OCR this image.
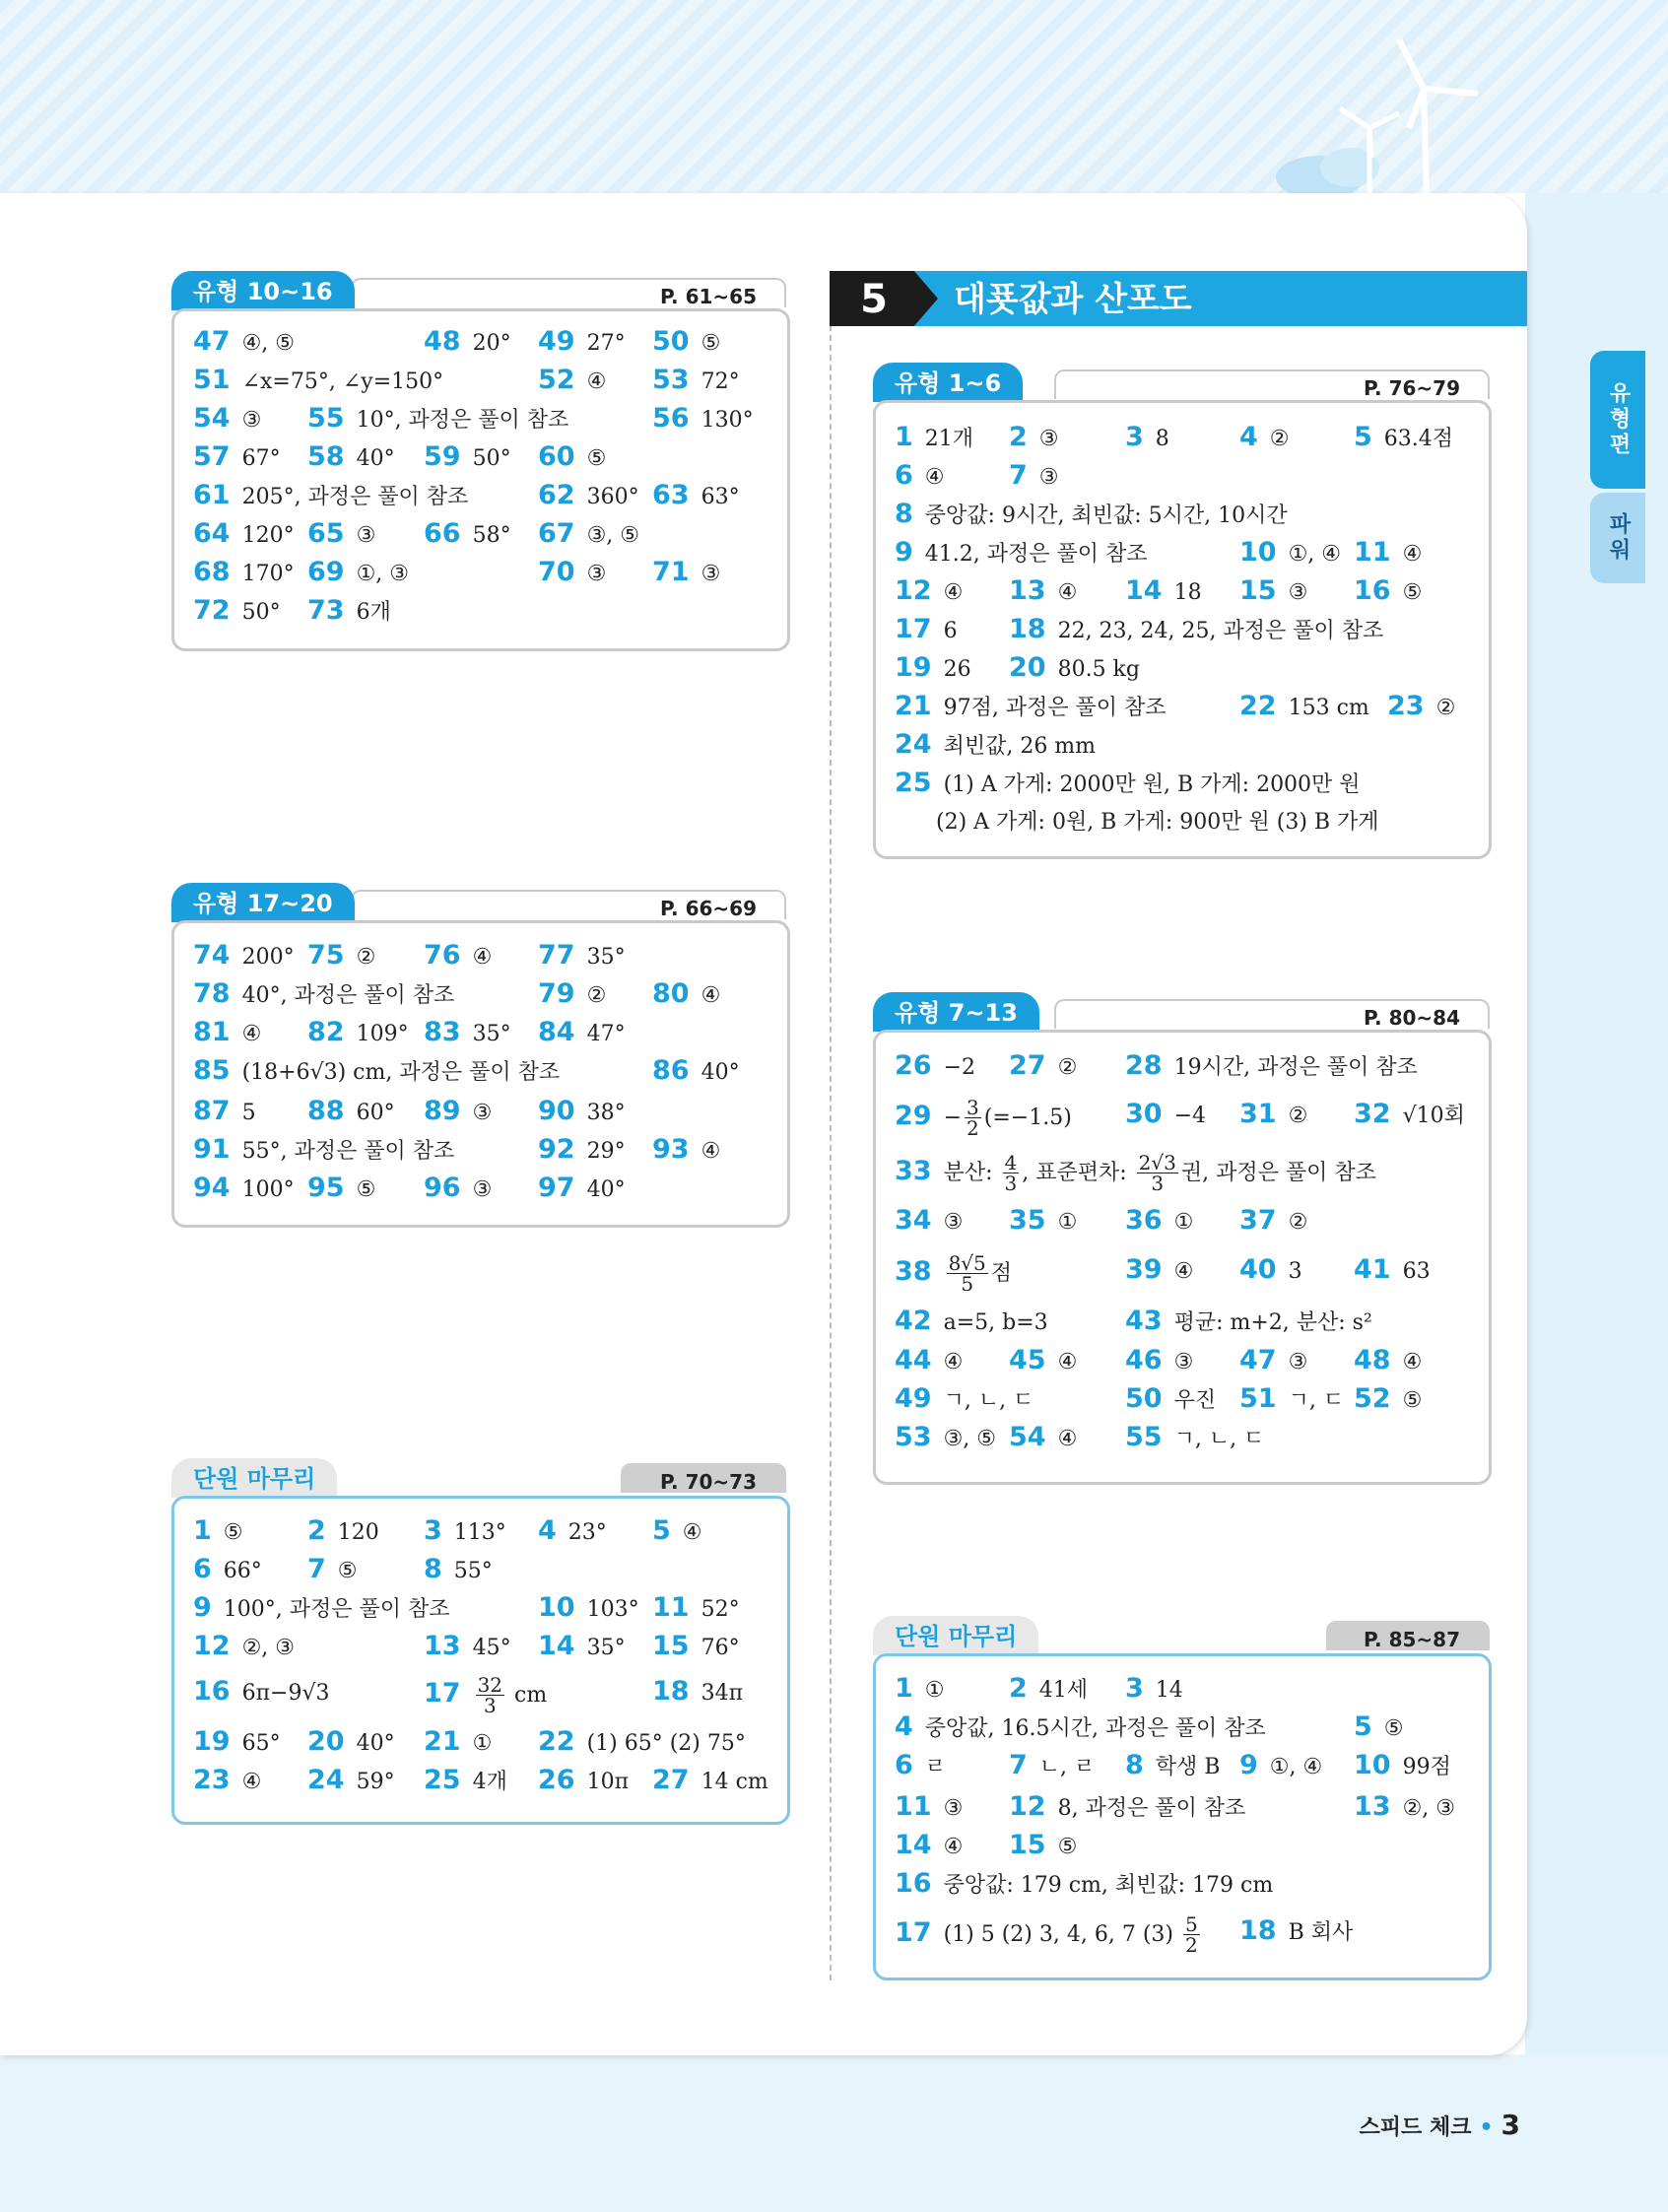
5	대푯값과 산포도
P. 61~65
유형 10~16
P. 66~69
유형 17~20
P. 70~73
단원 마무리
P. 76~79
유형 1~6
P. 80~84
유형 7~13
P. 85~87
단원 마무리
47 ④, ⑤	48 20° 49 27° 50 ⑤
51 ∠x=75°, ∠y=150°	52 ④ 53 72°
54 ③ 55 10°, 과정은 풀이 참조	56 130°
57 67° 58 40° 59 50° 60 ⑤
61 205°, 과정은 풀이 참조	62 360° 63 63°
64 120° 65 ③ 66 58° 67 ③, ⑤
68 170° 69 ①, ③	70 ③ 71 ③
72 50° 73 6개
74 200° 75 ② 76 ④ 77 35°
78 40°, 과정은 풀이 참조	79 ② 80 ④
81 ④ 82 109° 83 35° 84 47°
85 (18+6√3) cm, 과정은 풀이 참조	86 40°
87 5 88 60° 89 ③ 90 38°
91 55°, 과정은 풀이 참조	92 29° 93 ④
94 100° 95 ⑤ 96 ③ 97 40°
1 ⑤ 2 120 3 113° 4 23° 5 ④
6 66° 7 ⑤ 8 55°
9 100°, 과정은 풀이 참조	10 103° 11 52°
12 ②, ③	13 45° 14 35° 15 76°
16 6π−9√3	$17 \frac{32}{3}$ cm	18 34π
19 65° 20 40° 21 ① 22 (1) 65° (2) 75°
23 ④ 24 59° 25 4개 26 10π 27 14 cm
1 21개 2 ③ 3 8	4 ② 5 63.4점
6 ④ 7 ③
8 중앙값: 9시간, 최빈값: 5시간, 10시간
9 41.2, 과정은 풀이 참조	10 ①, ④ 11 ④
12 ④ 13 ④ 14 18 15 ③ 16 ⑤
17 6 18 22, 23, 24, 25, 과정은 풀이 참조
19 26 20 80.5 kg
21 97점, 과정은 풀이 참조	22 153 cm 23 ②
24 최빈값, 26 mm
25 (1) A 가게: 2000만 원, B 가게: 2000만 원
(2) A 가게: 0원, B 가게: 900만 원 (3) B 가게
26 −2 27 ② 28 19시간, 과정은 풀이 참조
$29 - \frac{3}{2} (=-1.5)$ 30 −4 31 ② 32 √10회
33 분산: $\frac{4}{3}$ , 표준편차: $\frac{2√3}{3}$ 권, 과정은 풀이 참조
34 ③ 35 ① 36 ① 37 ②
$38 \frac{8√5}{5}$ 점	39 ④ 40 3 41 63
42 a=5, b=3	43 평균: m+2, 분산: s²
44 ④ 45 ④ 46 ③ 47 ③ 48 ④
49 ㄱ, ㄴ, ㄷ	50 우진 51 ㄱ, ㄷ 52 ⑤
53 ③, ⑤ 54 ④ 55 ㄱ, ㄴ, ㄷ
1 ① 2 41세 3 14
4 중앙값, 16.5시간, 과정은 풀이 참조	5 ⑤
6 ㄹ 7 ㄴ, ㄹ 8 학생 B 9 ①, ④ 10 99점
11 ③ 12 8, 과정은 풀이 참조	13 ②, ③
14 ④ 15 ⑤
16 중앙값: 179 cm, 최빈값: 179 cm
17 (1) 5 (2) 3, 4, 6, 7 $(3) \frac{5}{2} 18$ B 회사
유형편
파워
스피드 체크 • 3
